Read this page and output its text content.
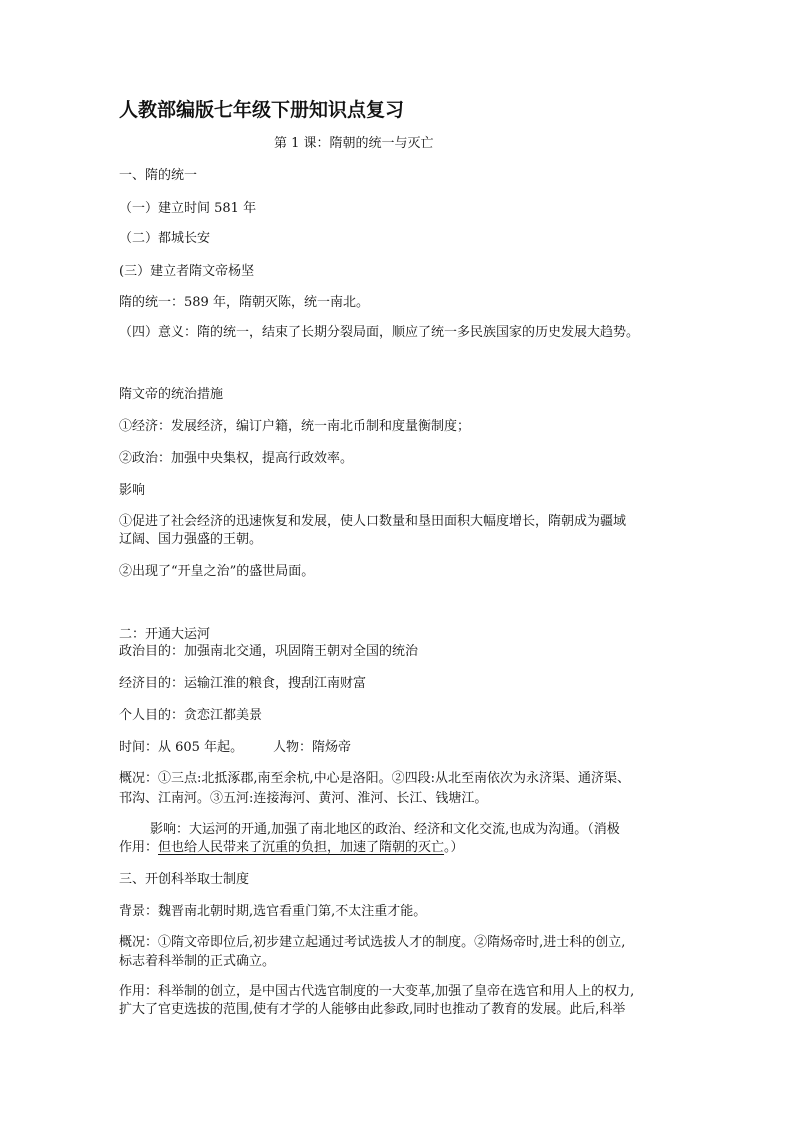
人教部编版七年级下册知识点复习
第 1 课：隋朝的统一与灭亡
一、隋的统一
（一）建立时间 581 年
（二）都城长安
(三）建立者隋文帝杨坚
隋的统一：589 年，隋朝灭陈，统一南北。
（四）意义：隋的统一，结束了长期分裂局面，顺应了统一多民族国家的历史发展大趋势。
隋文帝的统治措施
①经济：发展经济，编订户籍，统一南北币制和度量衡制度；
②政治：加强中央集权，提高行政效率。
影响
①促进了社会经济的迅速恢复和发展，使人口数量和垦田面积大幅度增长，隋朝成为疆域
辽阔、国力强盛的王朝。
②出现了“开皇之治”的盛世局面。
二：开通大运河
政治目的：加强南北交通，巩固隋王朝对全国的统治
经济目的：运输江淮的粮食，搜刮江南财富
个人目的：贪恋江都美景
时间：从 605 年起。 人物：隋炀帝
概况：①三点:北抵涿郡,南至余杭,中心是洛阳。②四段:从北至南依次为永济渠、通济渠、
邗沟、江南河。③五河:连接海河、黄河、淮河、长江、钱塘江。
影响：大运河的开通,加强了南北地区的政治、经济和文化交流,也成为沟通。（消极
作用：但也给人民带来了沉重的负担，加速了隋朝的灭亡。）
三、开创科举取士制度
背景：魏晋南北朝时期,选官看重门第,不太注重才能。
概况：①隋文帝即位后,初步建立起通过考试选拔人才的制度。②隋炀帝时,进士科的创立,
标志着科举制的正式确立。
作用：科举制的创立，是中国古代选官制度的一大变革,加强了皇帝在选官和用人上的权力,
扩大了官吏选拔的范围,使有才学的人能够由此参政,同时也推动了教育的发展。此后,科举
